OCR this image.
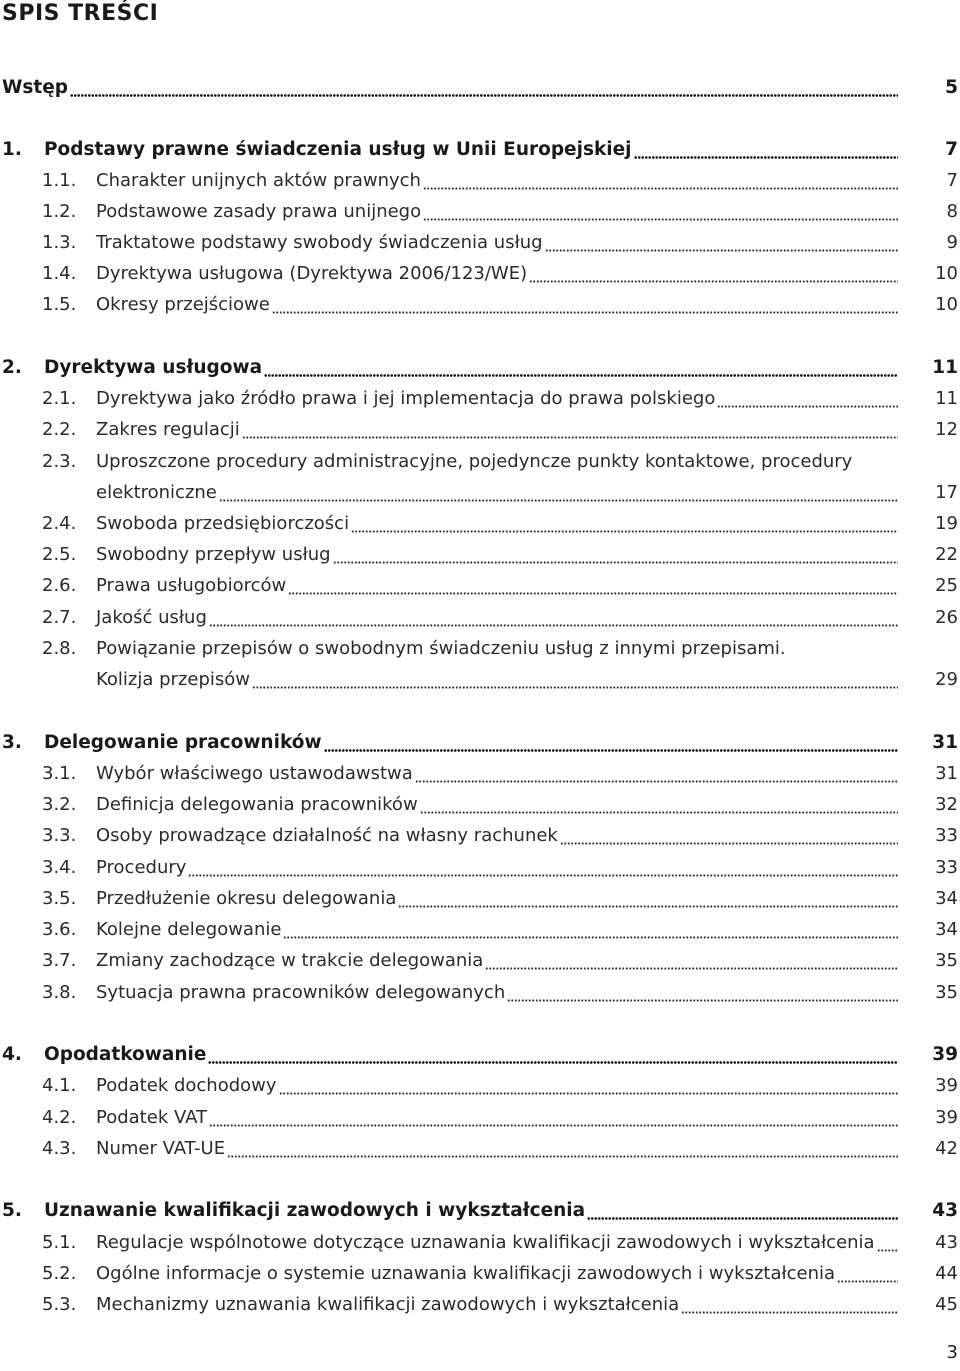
SPIS TREŚCI
Wstęp	5
1. Podstawy prawne świadczenia usług w Unii Europejskiej	7
1.1. Charakter unijnych aktów prawnych	7
1.2. Podstawowe zasady prawa unijnego	8
1.3. Traktatowe podstawy swobody świadczenia usług	9
1.4. Dyrektywa usługowa (Dyrektywa 2006/123/WE)	10
1.5. Okresy przejściowe	10
2. Dyrektywa usługowa	11
2.1. Dyrektywa jako źródło prawa i jej implementacja do prawa polskiego	11
2.2. Zakres regulacji	12
2.3. Uproszczone procedury administracyjne, pojedyncze punkty kontaktowe, procedury
elektroniczne	17
2.4. Swoboda przedsiębiorczości	19
2.5. Swobodny przepływ usług	22
2.6. Prawa usługobiorców	25
2.7. Jakość usług	26
2.8. Powiązanie przepisów o swobodnym świadczeniu usług z innymi przepisami.
Kolizja przepisów	29
3. Delegowanie pracowników	31
3.1. Wybór właściwego ustawodawstwa	31
3.2. Definicja delegowania pracowników	32
3.3. Osoby prowadzące działalność na własny rachunek	33
3.4. Procedury	33
3.5. Przedłużenie okresu delegowania	34
3.6. Kolejne delegowanie	34
3.7. Zmiany zachodzące w trakcie delegowania	35
3.8. Sytuacja prawna pracowników delegowanych	35
4. Opodatkowanie	39
4.1. Podatek dochodowy	39
4.2. Podatek VAT	39
4.3. Numer VAT-UE	42
5. Uznawanie kwalifikacji zawodowych i wykształcenia	43
5.1. Regulacje wspólnotowe dotyczące uznawania kwalifikacji zawodowych i wykształcenia	43
5.2. Ogólne informacje o systemie uznawania kwalifikacji zawodowych i wykształcenia	44
5.3. Mechanizmy uznawania kwalifikacji zawodowych i wykształcenia	45
3
